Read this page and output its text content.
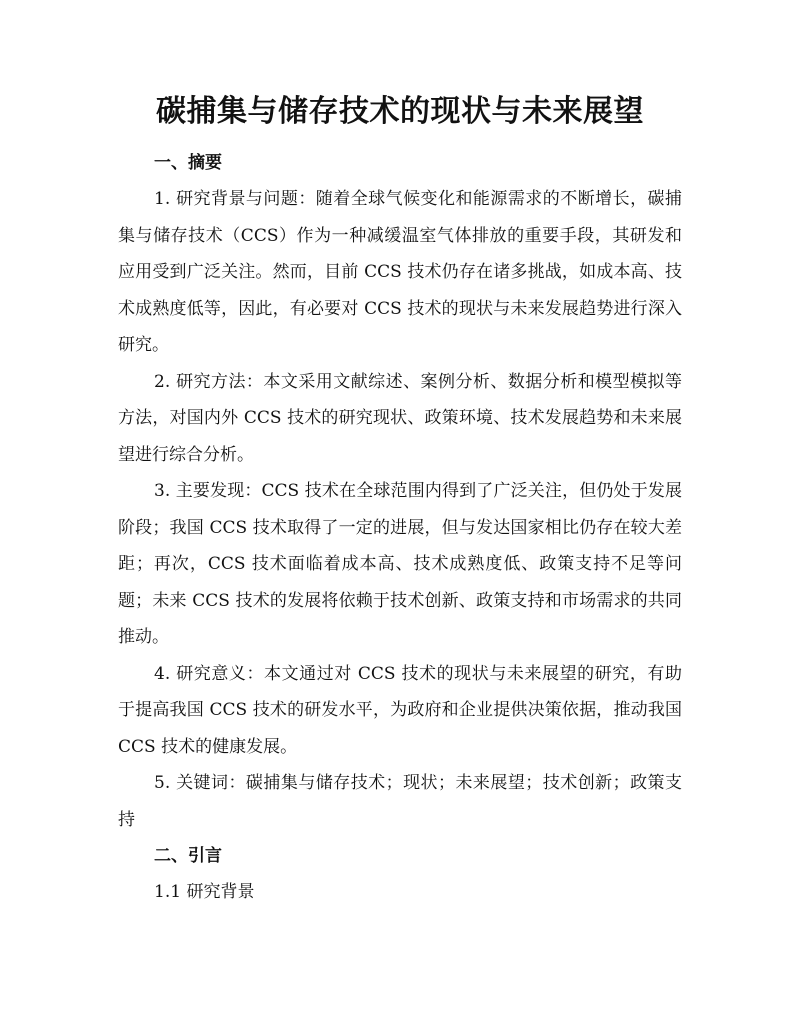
碳捕集与储存技术的现状与未来展望

一、摘要

1. 研究背景与问题：随着全球气候变化和能源需求的不断增长，碳捕集与储存技术（CCS）作为一种减缓温室气体排放的重要手段，其研发和应用受到广泛关注。然而，目前 CCS 技术仍存在诸多挑战，如成本高、技术成熟度低等，因此，有必要对 CCS 技术的现状与未来发展趋势进行深入研究。

2. 研究方法：本文采用文献综述、案例分析、数据分析和模型模拟等方法，对国内外 CCS 技术的研究现状、政策环境、技术发展趋势和未来展望进行综合分析。

3. 主要发现：CCS 技术在全球范围内得到了广泛关注，但仍处于发展阶段；我国 CCS 技术取得了一定的进展，但与发达国家相比仍存在较大差距；再次，CCS 技术面临着成本高、技术成熟度低、政策支持不足等问题；未来 CCS 技术的发展将依赖于技术创新、政策支持和市场需求的共同推动。

4. 研究意义：本文通过对 CCS 技术的现状与未来展望的研究，有助于提高我国 CCS 技术的研发水平，为政府和企业提供决策依据，推动我国 CCS 技术的健康发展。

5. 关键词：碳捕集与储存技术；现状；未来展望；技术创新；政策支持

二、引言

1.1 研究背景
